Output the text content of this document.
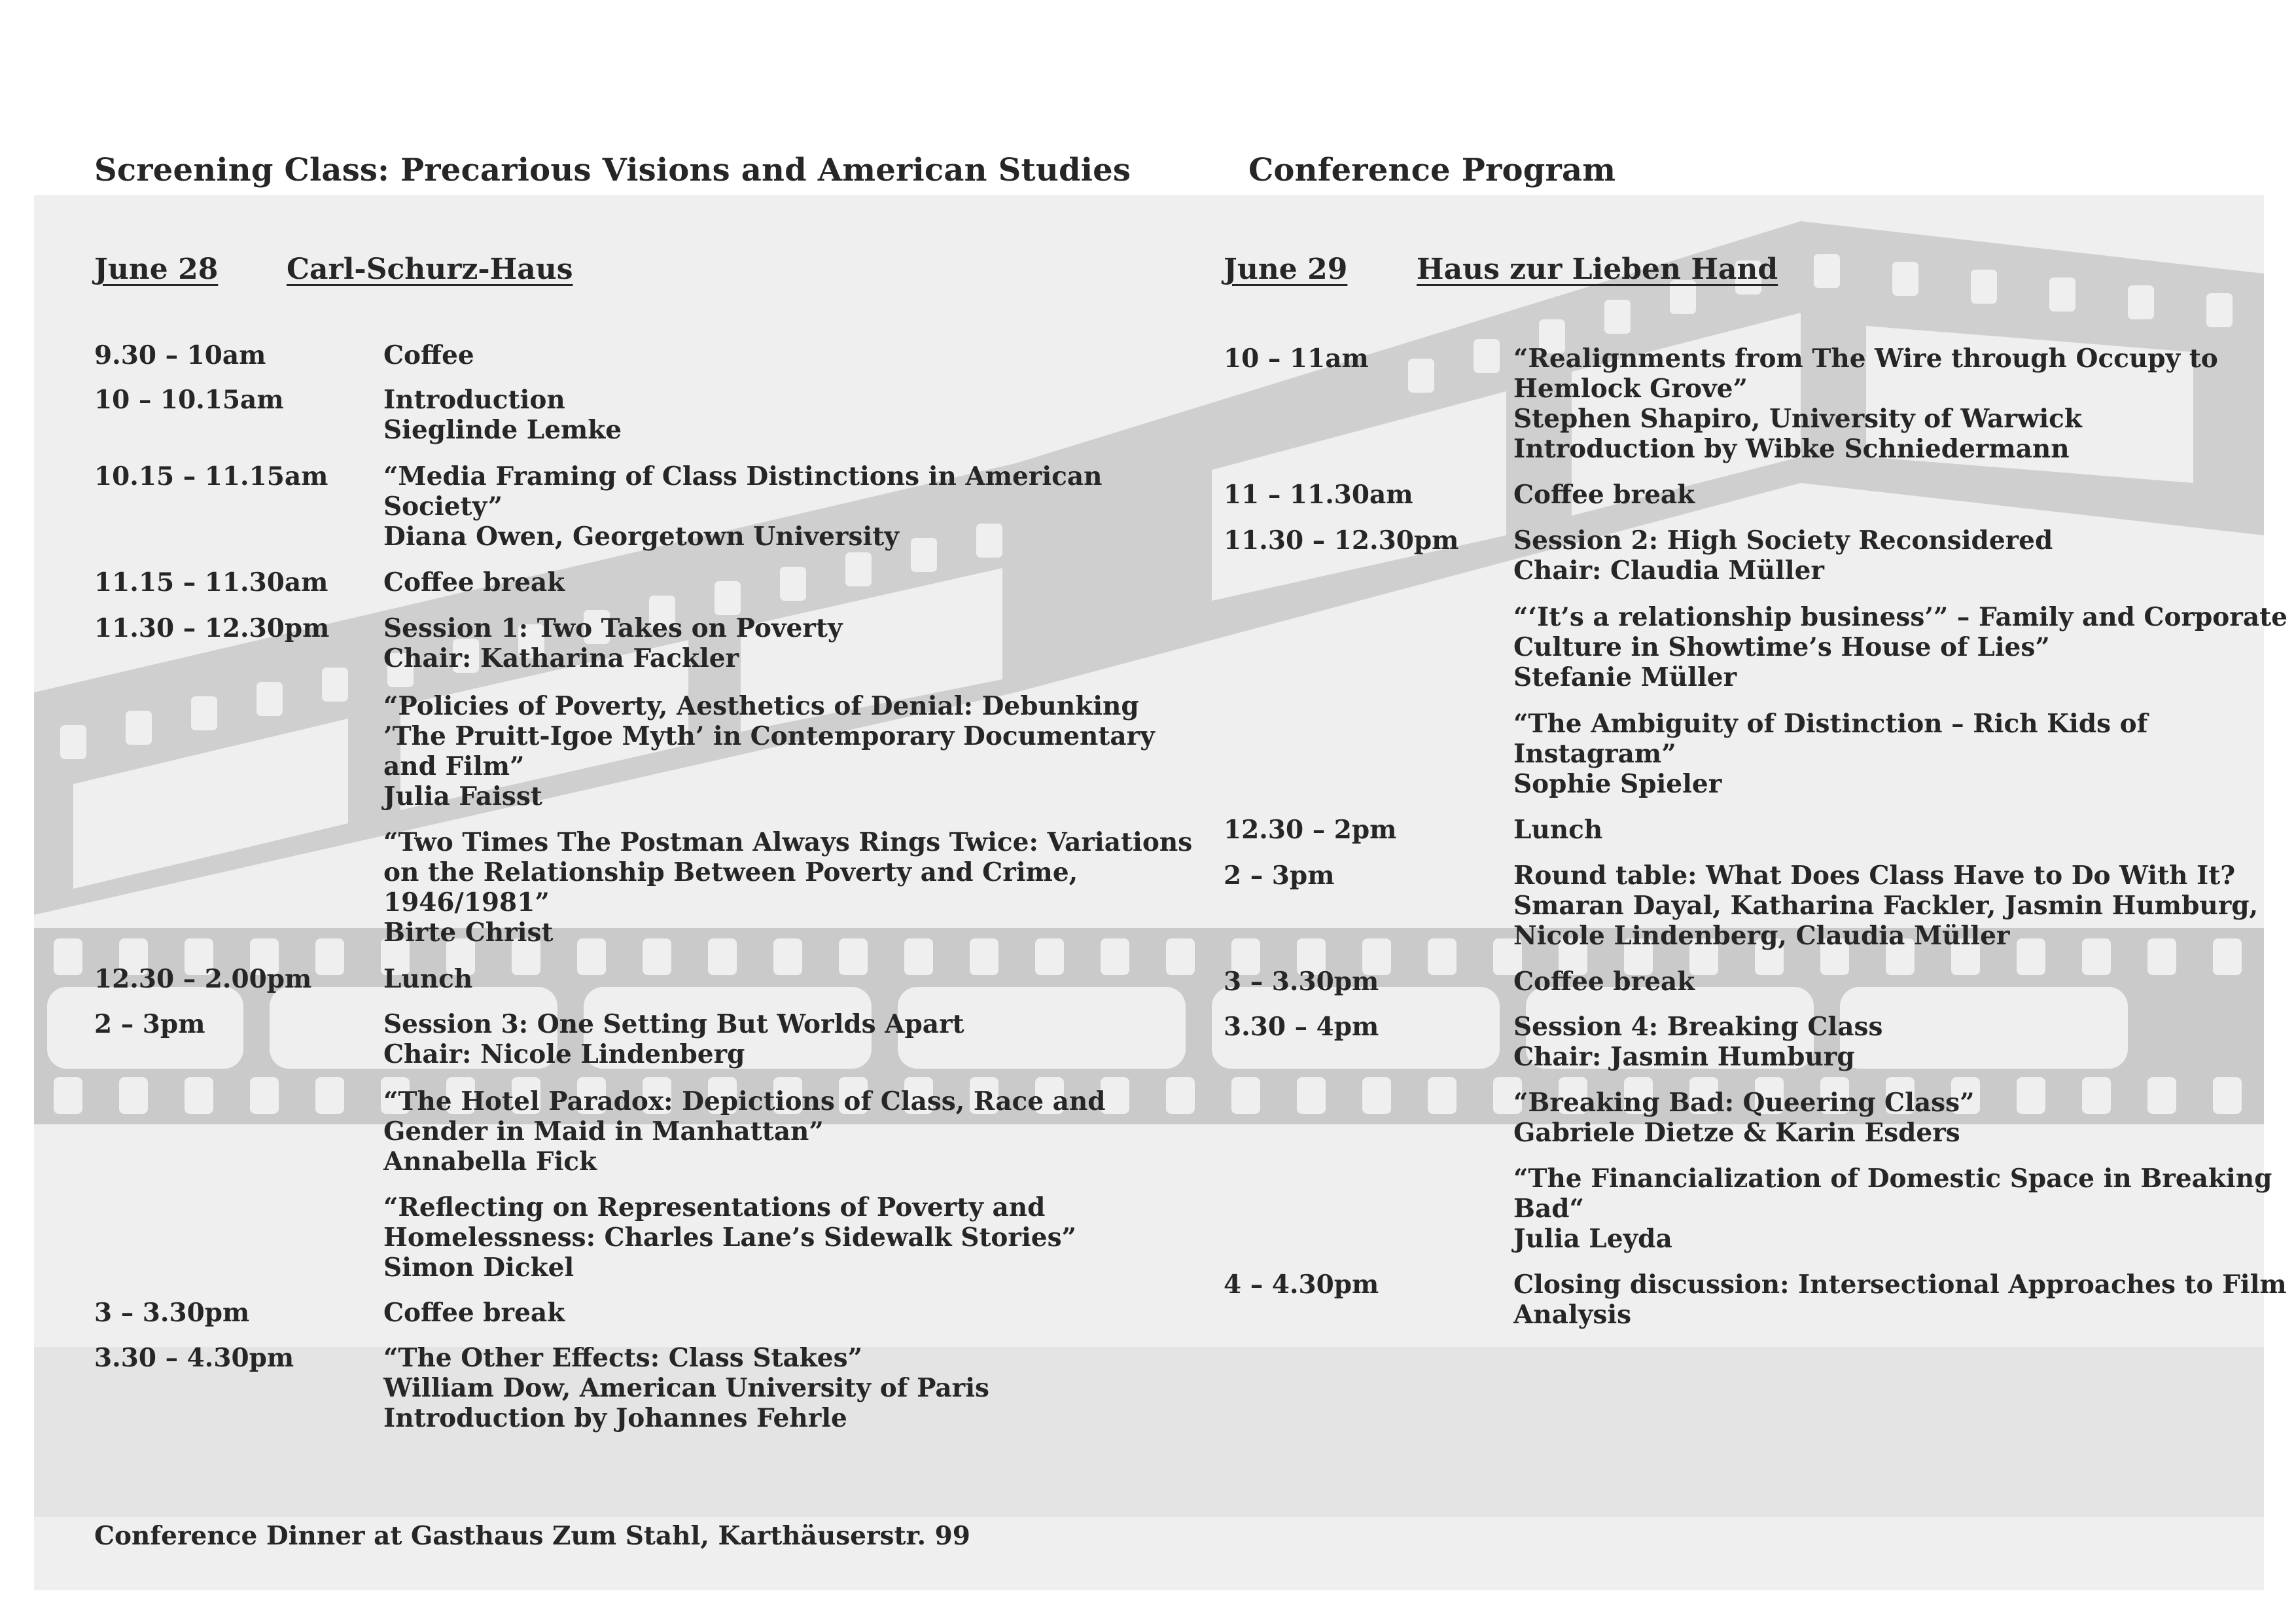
Screening Class: Precarious Visions and American Studies	Conference Program
June 28 Carl-Schurz-Haus	June 29 Haus zur Lieben Hand
9.30 – 10am	Coffee
10 – 10.15am	Introduction
Sieglinde Lemke
10.15 – 11.15am “Media Framing of Class Distinctions in American
Society”
Diana Owen, Georgetown University
11.15 – 11.30am Coffee break
11.30 – 12.30pm Session 1: Two Takes on Poverty
Chair: Katharina Fackler
“Policies of Poverty, Aesthetics of Denial: Debunking
’The Pruitt-Igoe Myth’ in Contemporary Documentary
and Film”
Julia Faisst
“Two Times The Postman Always Rings Twice: Variations
on the Relationship Between Poverty and Crime,
1946/1981”
Birte Christ
12.30 – 2.00pm	Lunch
2 – 3pm	Session 3: One Setting But Worlds Apart
Chair: Nicole Lindenberg
“The Hotel Paradox: Depictions of Class, Race and
Gender in Maid in Manhattan”
Annabella Fick
“Reflecting on Representations of Poverty and
Homelessness: Charles Lane’s Sidewalk Stories”
Simon Dickel
3 – 3.30pm	Coffee break
3.30 – 4.30pm	“The Other Effects: Class Stakes”
William Dow, American University of Paris
Introduction by Johannes Fehrle
10 – 11am	“Realignments from The Wire through Occupy to
Hemlock Grove”
Stephen Shapiro, University of Warwick
Introduction by Wibke Schniedermann
11 – 11.30am	Coffee break
11.30 – 12.30pm Session 2: High Society Reconsidered
Chair: Claudia Müller
“‘It’s a relationship business’” – Family and Corporate
Culture in Showtime’s House of Lies”
Stefanie Müller
“The Ambiguity of Distinction – Rich Kids of
Instagram”
Sophie Spieler
12.30 – 2pm	Lunch
2 – 3pm	Round table: What Does Class Have to Do With It?
Smaran Dayal, Katharina Fackler, Jasmin Humburg,
Nicole Lindenberg, Claudia Müller
3 – 3.30pm	Coffee break
3.30 – 4pm	Session 4: Breaking Class
Chair: Jasmin Humburg
“Breaking Bad: Queering Class”
Gabriele Dietze & Karin Esders
“The Financialization of Domestic Space in Breaking
Bad“
Julia Leyda
4 – 4.30pm	Closing discussion: Intersectional Approaches to Film
Analysis
Conference Dinner at Gasthaus Zum Stahl, Karthäuserstr. 99
